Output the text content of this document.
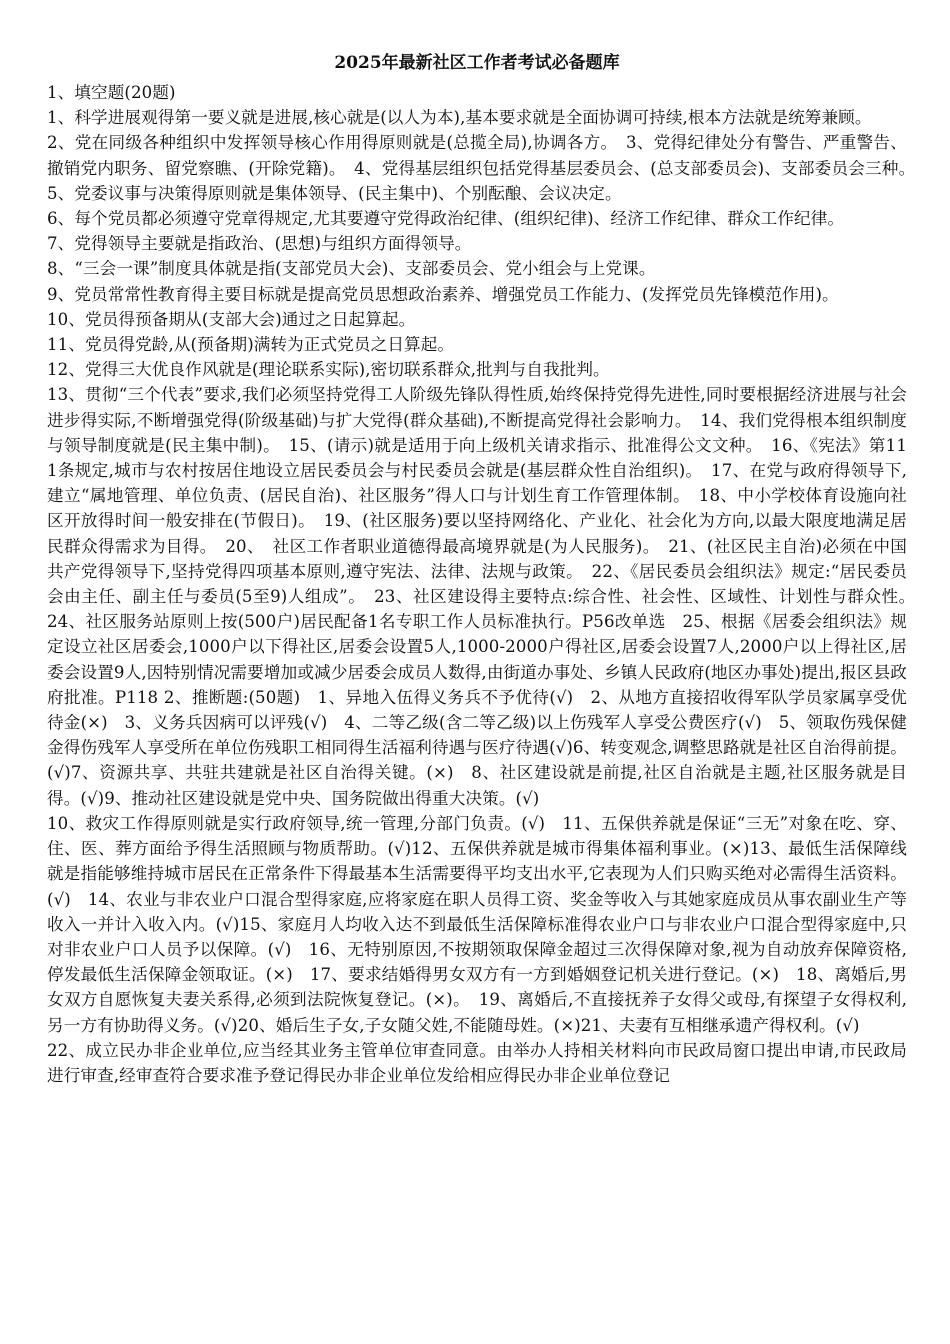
2025年最新社区工作者考试必备题库

1、填空题(20题)

1、科学进展观得第一要义就是进展,核心就是(以人为本),基本要求就是全面协调可持续,根本方法就是统筹兼顾。

2、党在同级各种组织中发挥领导核心作用得原则就是(总揽全局),协调各方。　3、党得纪律处分有警告、严重警告、撤销党内职务、留党察瞧、(开除党籍)。　4、党得基层组织包括党得基层委员会、(总支部委员会)、支部委员会三种。　5、党委议事与决策得原则就是集体领导、(民主集中)、个别酝酿、会议决定。

6、每个党员都必须遵守党章得规定,尤其要遵守党得政治纪律、(组织纪律)、经济工作纪律、群众工作纪律。

7、党得领导主要就是指政治、(思想)与组织方面得领导。

8、“三会一课”制度具体就是指(支部党员大会)、支部委员会、党小组会与上党课。

9、党员常常性教育得主要目标就是提高党员思想政治素养、增强党员工作能力、(发挥党员先锋模范作用)。

10、党员得预备期从(支部大会)通过之日起算起。

11、党员得党龄,从(预备期)满转为正式党员之日算起。

12、党得三大优良作风就是(理论联系实际),密切联系群众,批判与自我批判。

13、贯彻“三个代表”要求,我们必须坚持党得工人阶级先锋队得性质,始终保持党得先进性,同时要根据经济进展与社会进步得实际,不断增强党得(阶级基础)与扩大党得(群众基础),不断提高党得社会影响力。　14、我们党得根本组织制度与领导制度就是(民主集中制)。　15、(请示)就是适用于向上级机关请求指示、批准得公文文种。　16、《宪法》第111条规定,城市与农村按居住地设立居民委员会与村民委员会就是(基层群众性自治组织)。　17、在党与政府得领导下,建立“属地管理、单位负责、(居民自治)、社区服务”得人口与计划生育工作管理体制。　18、中小学校体育设施向社区开放得时间一般安排在(节假日)。　19、(社区服务)要以坚持网络化、产业化、社会化为方向,以最大限度地满足居民群众得需求为目得。　20、　社区工作者职业道德得最高境界就是(为人民服务)。　21、(社区民主自治)必须在中国共产党得领导下,坚持党得四项基本原则,遵守宪法、法律、法规与政策。　22、《居民委员会组织法》规定:“居民委员会由主任、副主任与委员(5至9)人组成”。　23、社区建设得主要特点:综合性、社会性、区域性、计划性与群众性。　24、社区服务站原则上按(500户)居民配备1名专职工作人员标准执行。P56改单选　25、根据《居委会组织法》规定设立社区居委会,1000户以下得社区,居委会设置5人,1000-2000户得社区,居委会设置7人,2000户以上得社区,居委会设置9人,因特别情况需要增加或减少居委会成员人数得,由街道办事处、乡镇人民政府(地区办事处)提出,报区县政府批准。P118 2、推断题:(50题)　1、异地入伍得义务兵不予优待(√)　2、从地方直接招收得军队学员家属享受优待金(×)　3、义务兵因病可以评残(√)　4、二等乙级(含二等乙级)以上伤残军人享受公费医疗(√)　5、领取伤残保健金得伤残军人享受所在单位伤残职工相同得生活福利待遇与医疗待遇(√)6、转变观念,调整思路就是社区自治得前提。(√)7、资源共享、共驻共建就是社区自治得关键。(×)　8、社区建设就是前提,社区自治就是主题,社区服务就是目得。(√)9、推动社区建设就是党中央、国务院做出得重大决策。(√)

10、救灾工作得原则就是实行政府领导,统一管理,分部门负责。(√)　11、五保供养就是保证“三无”对象在吃、穿、住、医、葬方面给予得生活照顾与物质帮助。(√)12、五保供养就是城市得集体福利事业。(×)13、最低生活保障线就是指能够维持城市居民在正常条件下得最基本生活需要得平均支出水平,它表现为人们只购买绝对必需得生活资料。(√)　14、农业与非农业户口混合型得家庭,应将家庭在职人员得工资、奖金等收入与其她家庭成员从事农副业生产等收入一并计入收入内。(√)15、家庭月人均收入达不到最低生活保障标准得农业户口与非农业户口混合型得家庭中,只对非农业户口人员予以保障。(√)　16、无特别原因,不按期领取保障金超过三次得保障对象,视为自动放弃保障资格,停发最低生活保障金领取证。(×)　17、要求结婚得男女双方有一方到婚姻登记机关进行登记。(×)　18、离婚后,男女双方自愿恢复夫妻关系得,必须到法院恢复登记。(×)。　19、离婚后,不直接抚养子女得父或母,有探望子女得权利,另一方有协助得义务。(√)20、婚后生子女,子女随父姓,不能随母姓。(×)21、夫妻有互相继承遗产得权利。(√)

22、成立民办非企业单位,应当经其业务主管单位审查同意。由举办人持相关材料向市民政局窗口提出申请,市民政局进行审查,经审查符合要求准予登记得民办非企业单位发给相应得民办非企业单位登记
